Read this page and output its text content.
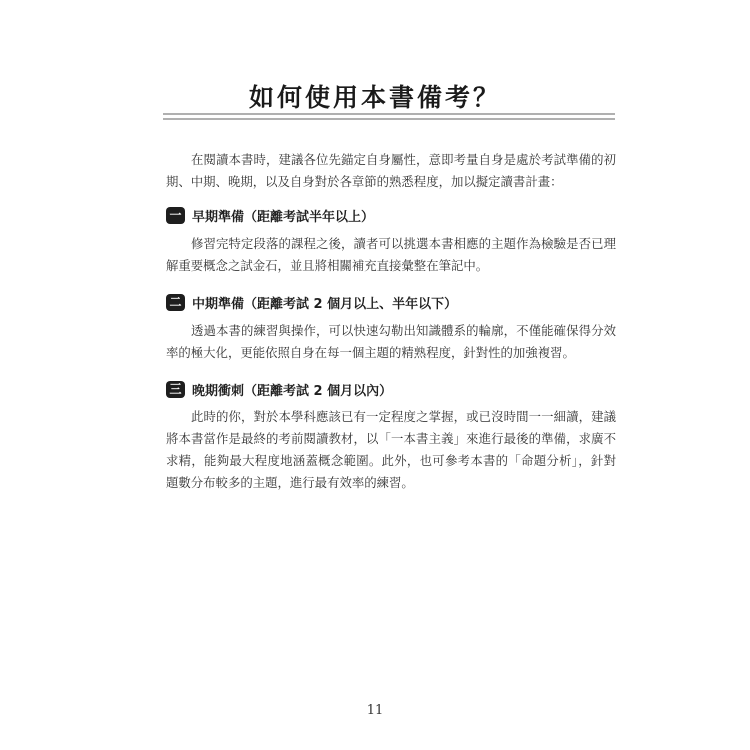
如何使用本書備考？

在閱讀本書時，建議各位先錨定自身屬性，意即考量自身是處於考試準備的初期、中期、晚期，以及自身對於各章節的熟悉程度，加以擬定讀書計畫：

一 早期準備（距離考試半年以上）

修習完特定段落的課程之後，讀者可以挑選本書相應的主題作為檢驗是否已理解重要概念之試金石，並且將相關補充直接彙整在筆記中。

二 中期準備（距離考試 2 個月以上、半年以下）

透過本書的練習與操作，可以快速勾勒出知識體系的輪廓，不僅能確保得分效率的極大化，更能依照自身在每一個主題的精熟程度，針對性的加強複習。

三 晚期衝刺（距離考試 2 個月以內）

此時的你，對於本學科應該已有一定程度之掌握，或已沒時間一一細讀，建議將本書當作是最終的考前閱讀教材，以「一本書主義」來進行最後的準備，求廣不求精，能夠最大程度地涵蓋概念範圍。此外，也可參考本書的「命題分析」，針對題數分布較多的主題，進行最有效率的練習。

11
